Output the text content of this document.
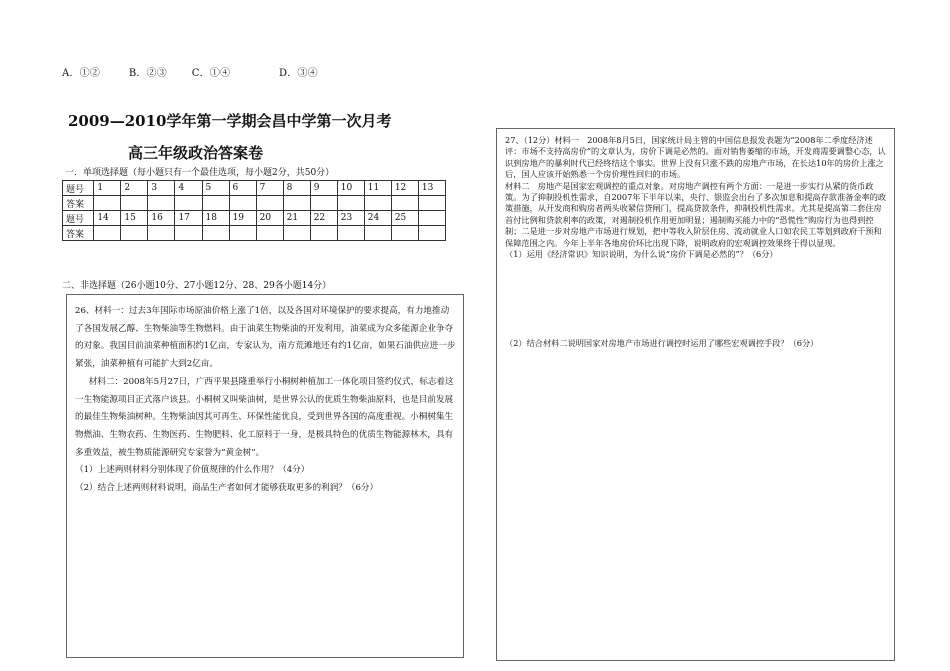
A．①②	B．②③ C．①④	D．③④
2009—2010学年第一学期会昌中学第一次月考
高三年级政治答案卷
一．单项选择题（每小题只有一个最佳选项，每小题2分，共50分）
题号	1	2	3	4	5	6	7	8	9	10	11	12	13
答案													
题号	14	15	16	17	18	19	20	21	22	23	24	25	
答案													
二、非选择题（26小题10分、27小题12分、28、29各小题14分）

26、材料一：过去3年国际市场原油价格上涨了1倍，以及各国对环境保护的要求提高，有力地推动了各国发展乙醇、生物柴油等生物燃料。由于油菜生物柴油的开发利用，油菜成为众多能源企业争夺的对象。我国目前油菜种植面积约1亿亩，专家认为，南方荒滩地还有约1亿亩，如果石油供应进一步紧张，油菜种植有可能扩大到2亿亩。

材料二：2008年5月27日，广西平果县隆重举行小桐树种植加工一体化项目签约仪式，标志着这一生物能源项目正式落户该县。小桐树又叫柴油树，是世界公认的优质生物柴油原料，也是目前发展的最佳生物柴油树种。生物柴油因其可再生、环保性能优良，受到世界各国的高度重视。小桐树集生物燃油、生物农药、生物医药、生物肥料、化工原料于一身，是极具特色的优质生物能源林木，具有多重效益，被生物质能源研究专家誉为“黄金树”。

（1）上述两则材料分别体现了价值规律的什么作用？（4分）

（2）结合上述两则材料说明，商品生产者如何才能够获取更多的利润？（6分）

27、（12分）材料一　2008年8月5日，国家统计局主管的中国信息报发表题为“2008年二季度经济述评：市场不支持高房价”的文章认为，房价下调是必然的。面对销售萎缩的市场，开发商需要调整心态，认识到房地产的暴利时代已经终结这个事实。世界上没有只涨不跌的房地产市场，在长达10年的房价上涨之后，国人应该开始熟悉一个房价理性回归的市场。

材料二　房地产是国家宏观调控的重点对象。对房地产调控有两个方面：一是进一步实行从紧的货币政策。为了抑制投机性需求，自2007年下半年以来，央行、银监会出台了多次加息和提高存款准备金率的政策措施，从开发商和购房者两头收紧信贷闸门，提高贷款条件，抑制投机性需求。尤其是提高第二套住房首付比例和贷款利率的政策，对遏制投机作用更加明显；遏制购买能力中的“恐慌性”购房行为也得到控制；二是进一步对房地产市场进行规划，把中等收入阶层住房、流动就业人口如农民工等划到政府干预和保障范围之内。今年上半年各地房价环比出现下降，说明政府的宏观调控效果终于得以显现。

（1）运用《经济常识》知识说明，为什么说“房价下调是必然的”？（6分）

（2）结合材料二说明国家对房地产市场进行调控时运用了哪些宏观调控手段？（6分）
